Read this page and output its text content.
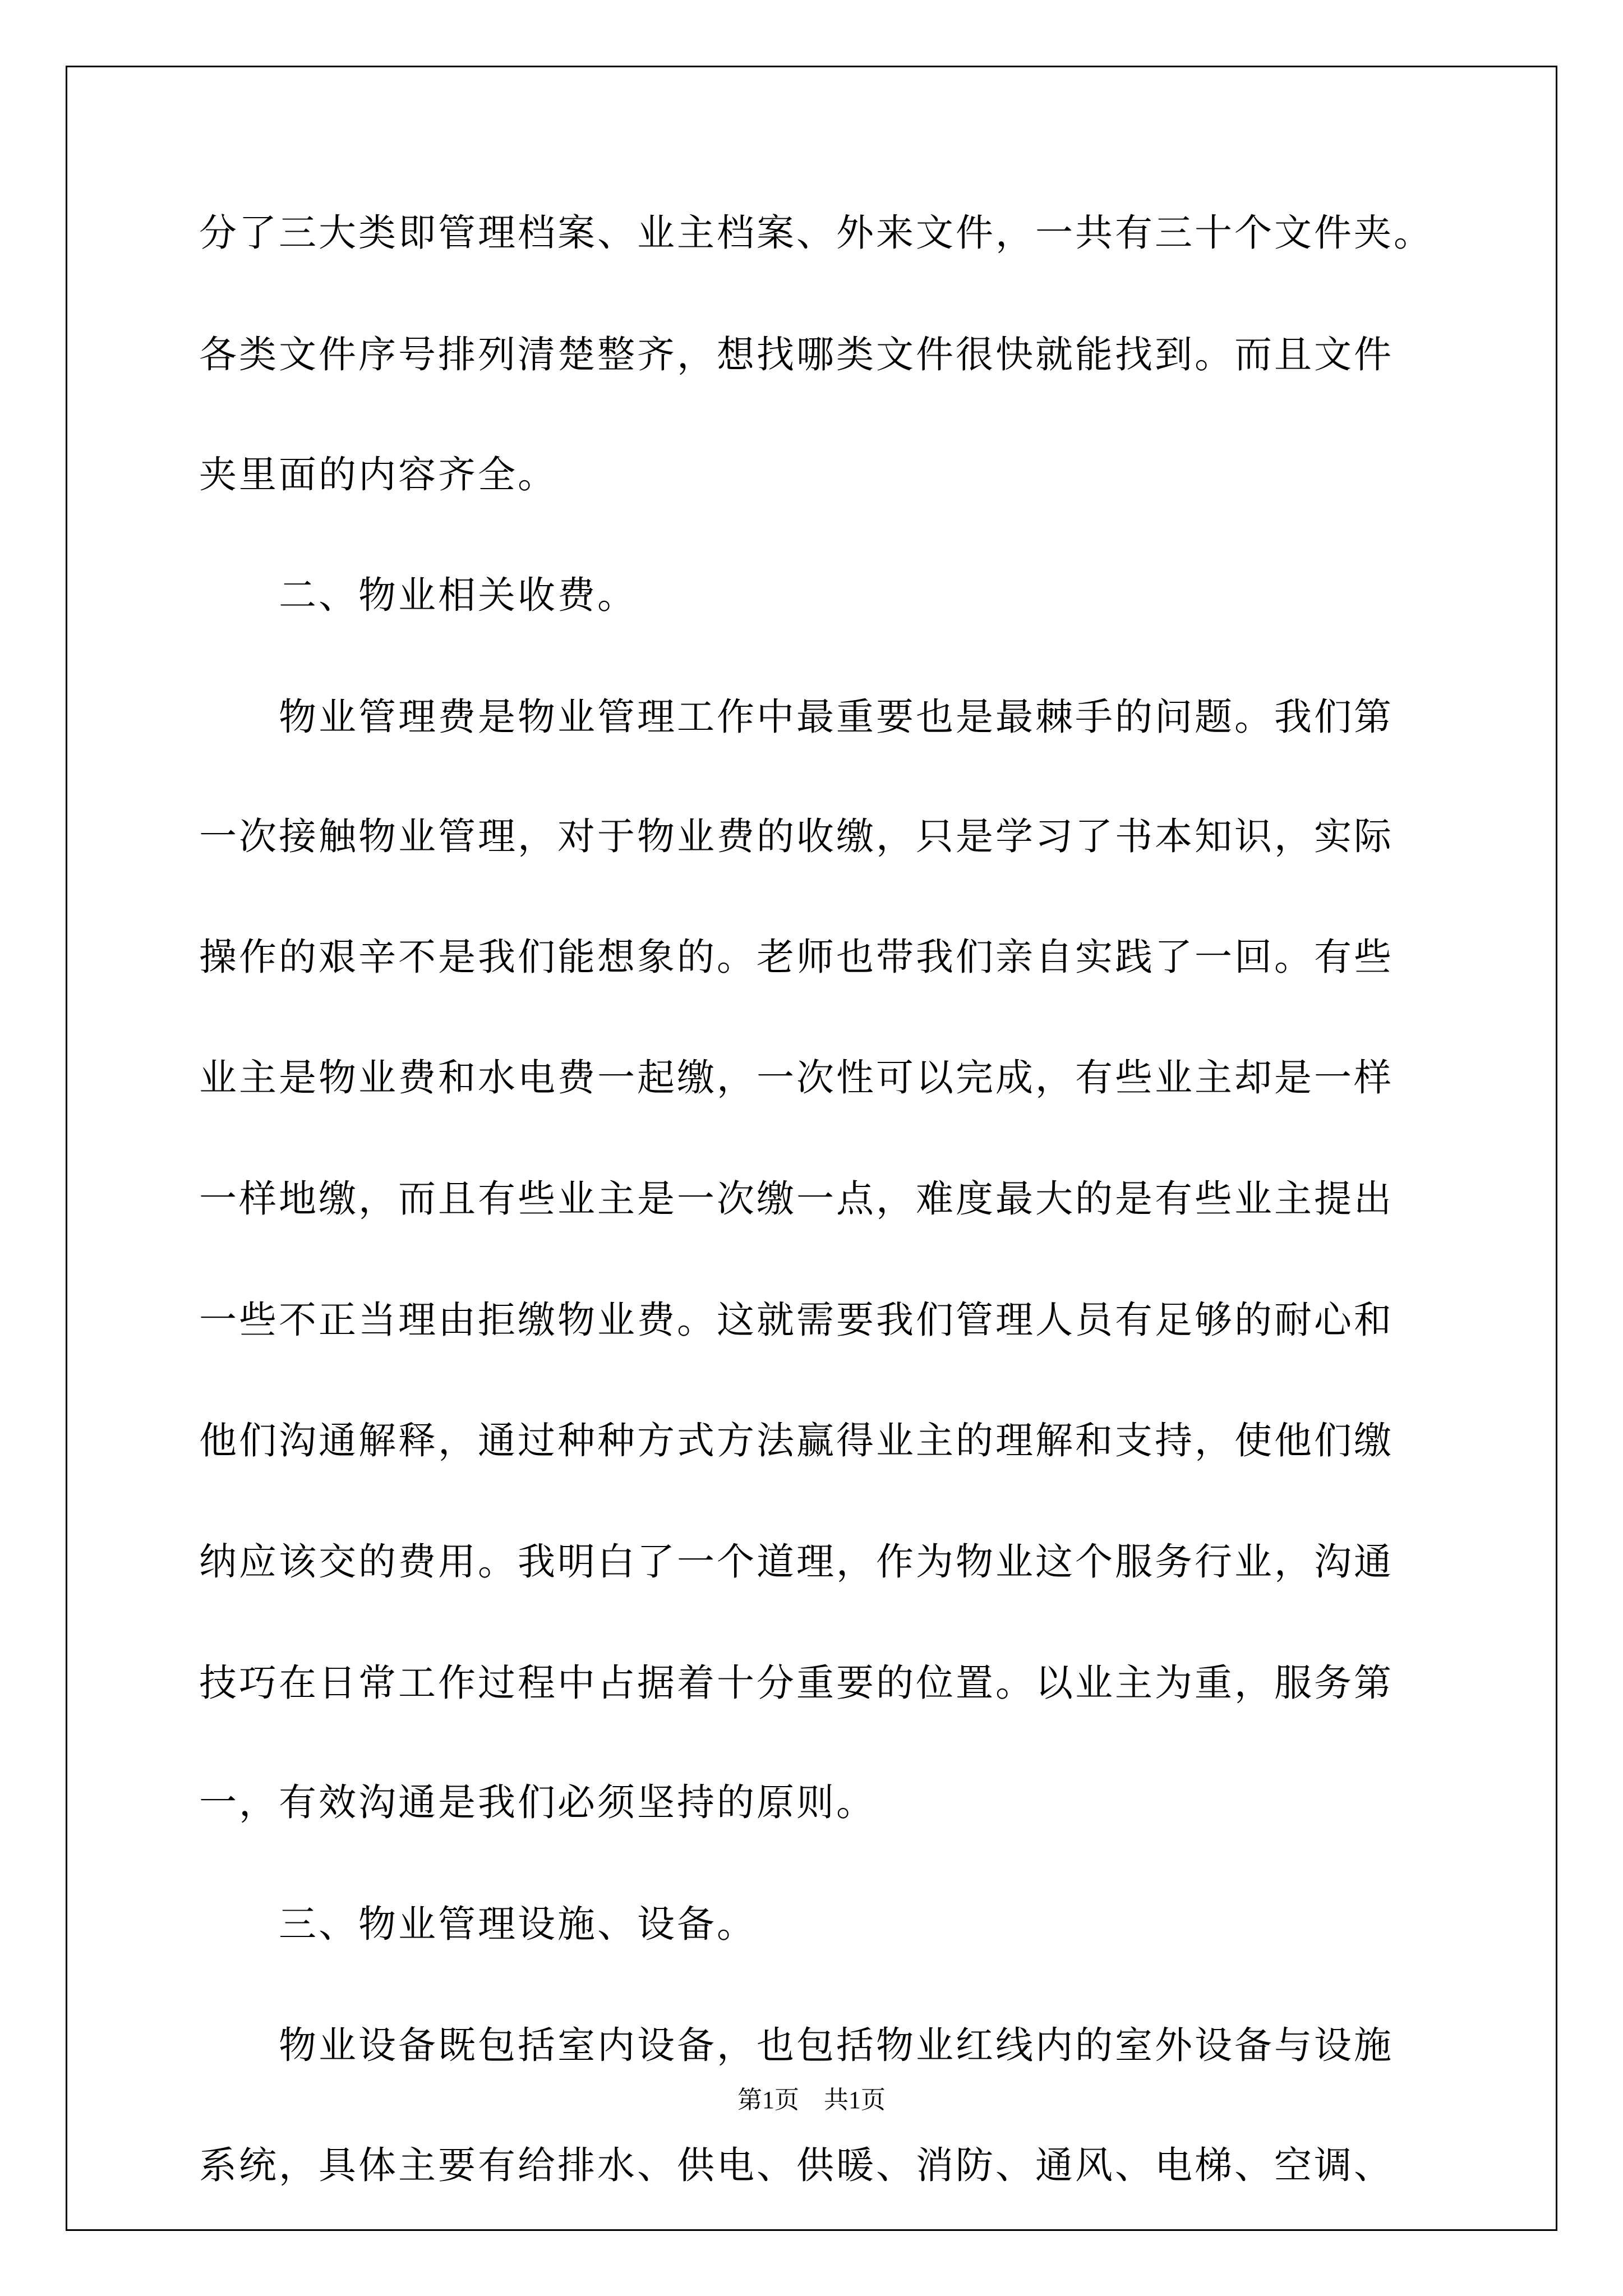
分了三大类即管理档案、业主档案、外来文件，一共有三十个文件夹。
各类文件序号排列清楚整齐，想找哪类文件很快就能找到。而且文件
夹里面的内容齐全。
　　二、物业相关收费。
　　物业管理费是物业管理工作中最重要也是最棘手的问题。我们第
一次接触物业管理，对于物业费的收缴，只是学习了书本知识，实际
操作的艰辛不是我们能想象的。老师也带我们亲自实践了一回。有些
业主是物业费和水电费一起缴，一次性可以完成，有些业主却是一样
一样地缴，而且有些业主是一次缴一点，难度最大的是有些业主提出
一些不正当理由拒缴物业费。这就需要我们管理人员有足够的耐心和
他们沟通解释，通过种种方式方法赢得业主的理解和支持，使他们缴
纳应该交的费用。我明白了一个道理，作为物业这个服务行业，沟通
技巧在日常工作过程中占据着十分重要的位置。以业主为重，服务第
一，有效沟通是我们必须坚持的原则。
　　三、物业管理设施、设备。
　　物业设备既包括室内设备，也包括物业红线内的室外设备与设施
系统，具体主要有给排水、供电、供暖、消防、通风、电梯、空调、
第1页　共1页
